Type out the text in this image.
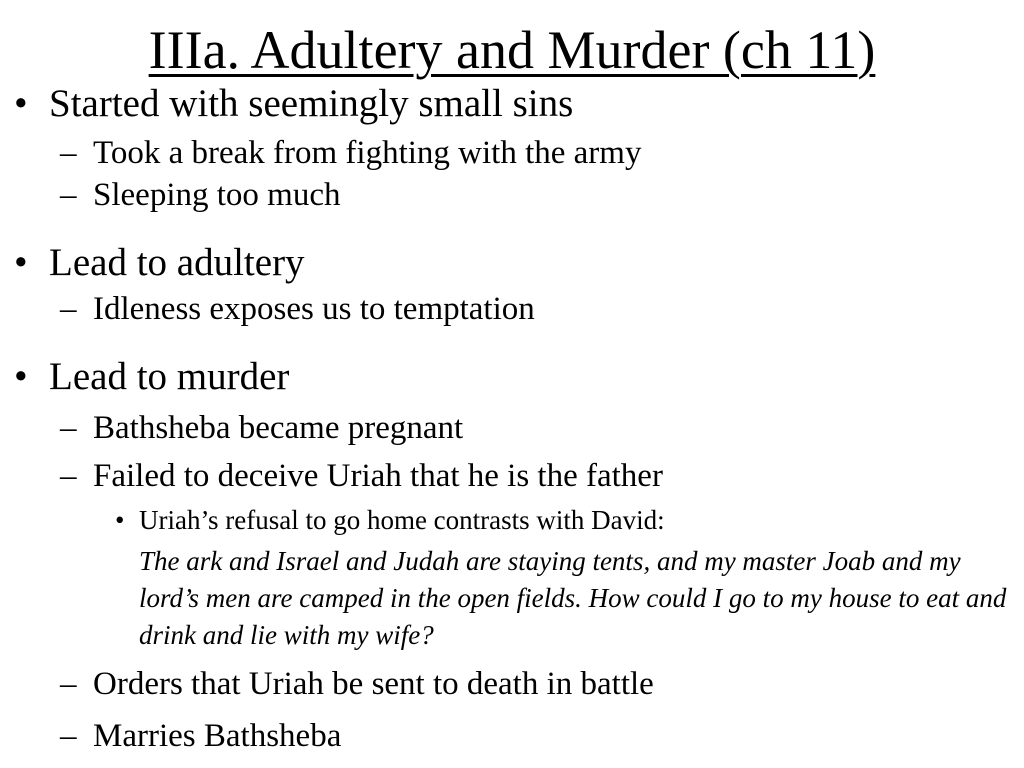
IIIa. Adultery and Murder (ch 11)
• Started with seemingly small sins
– Took a break from fighting with the army
– Sleeping too much
• Lead to adultery
– Idleness exposes us to temptation
• Lead to murder
– Bathsheba became pregnant
– Failed to deceive Uriah that he is the father
• Uriah’s refusal to go home contrasts with David:
The ark and Israel and Judah are staying tents, and my master Joab and my lord’s men are camped in the open fields. How could I go to my house to eat and drink and lie with my wife?
– Orders that Uriah be sent to death in battle
– Marries Bathsheba
